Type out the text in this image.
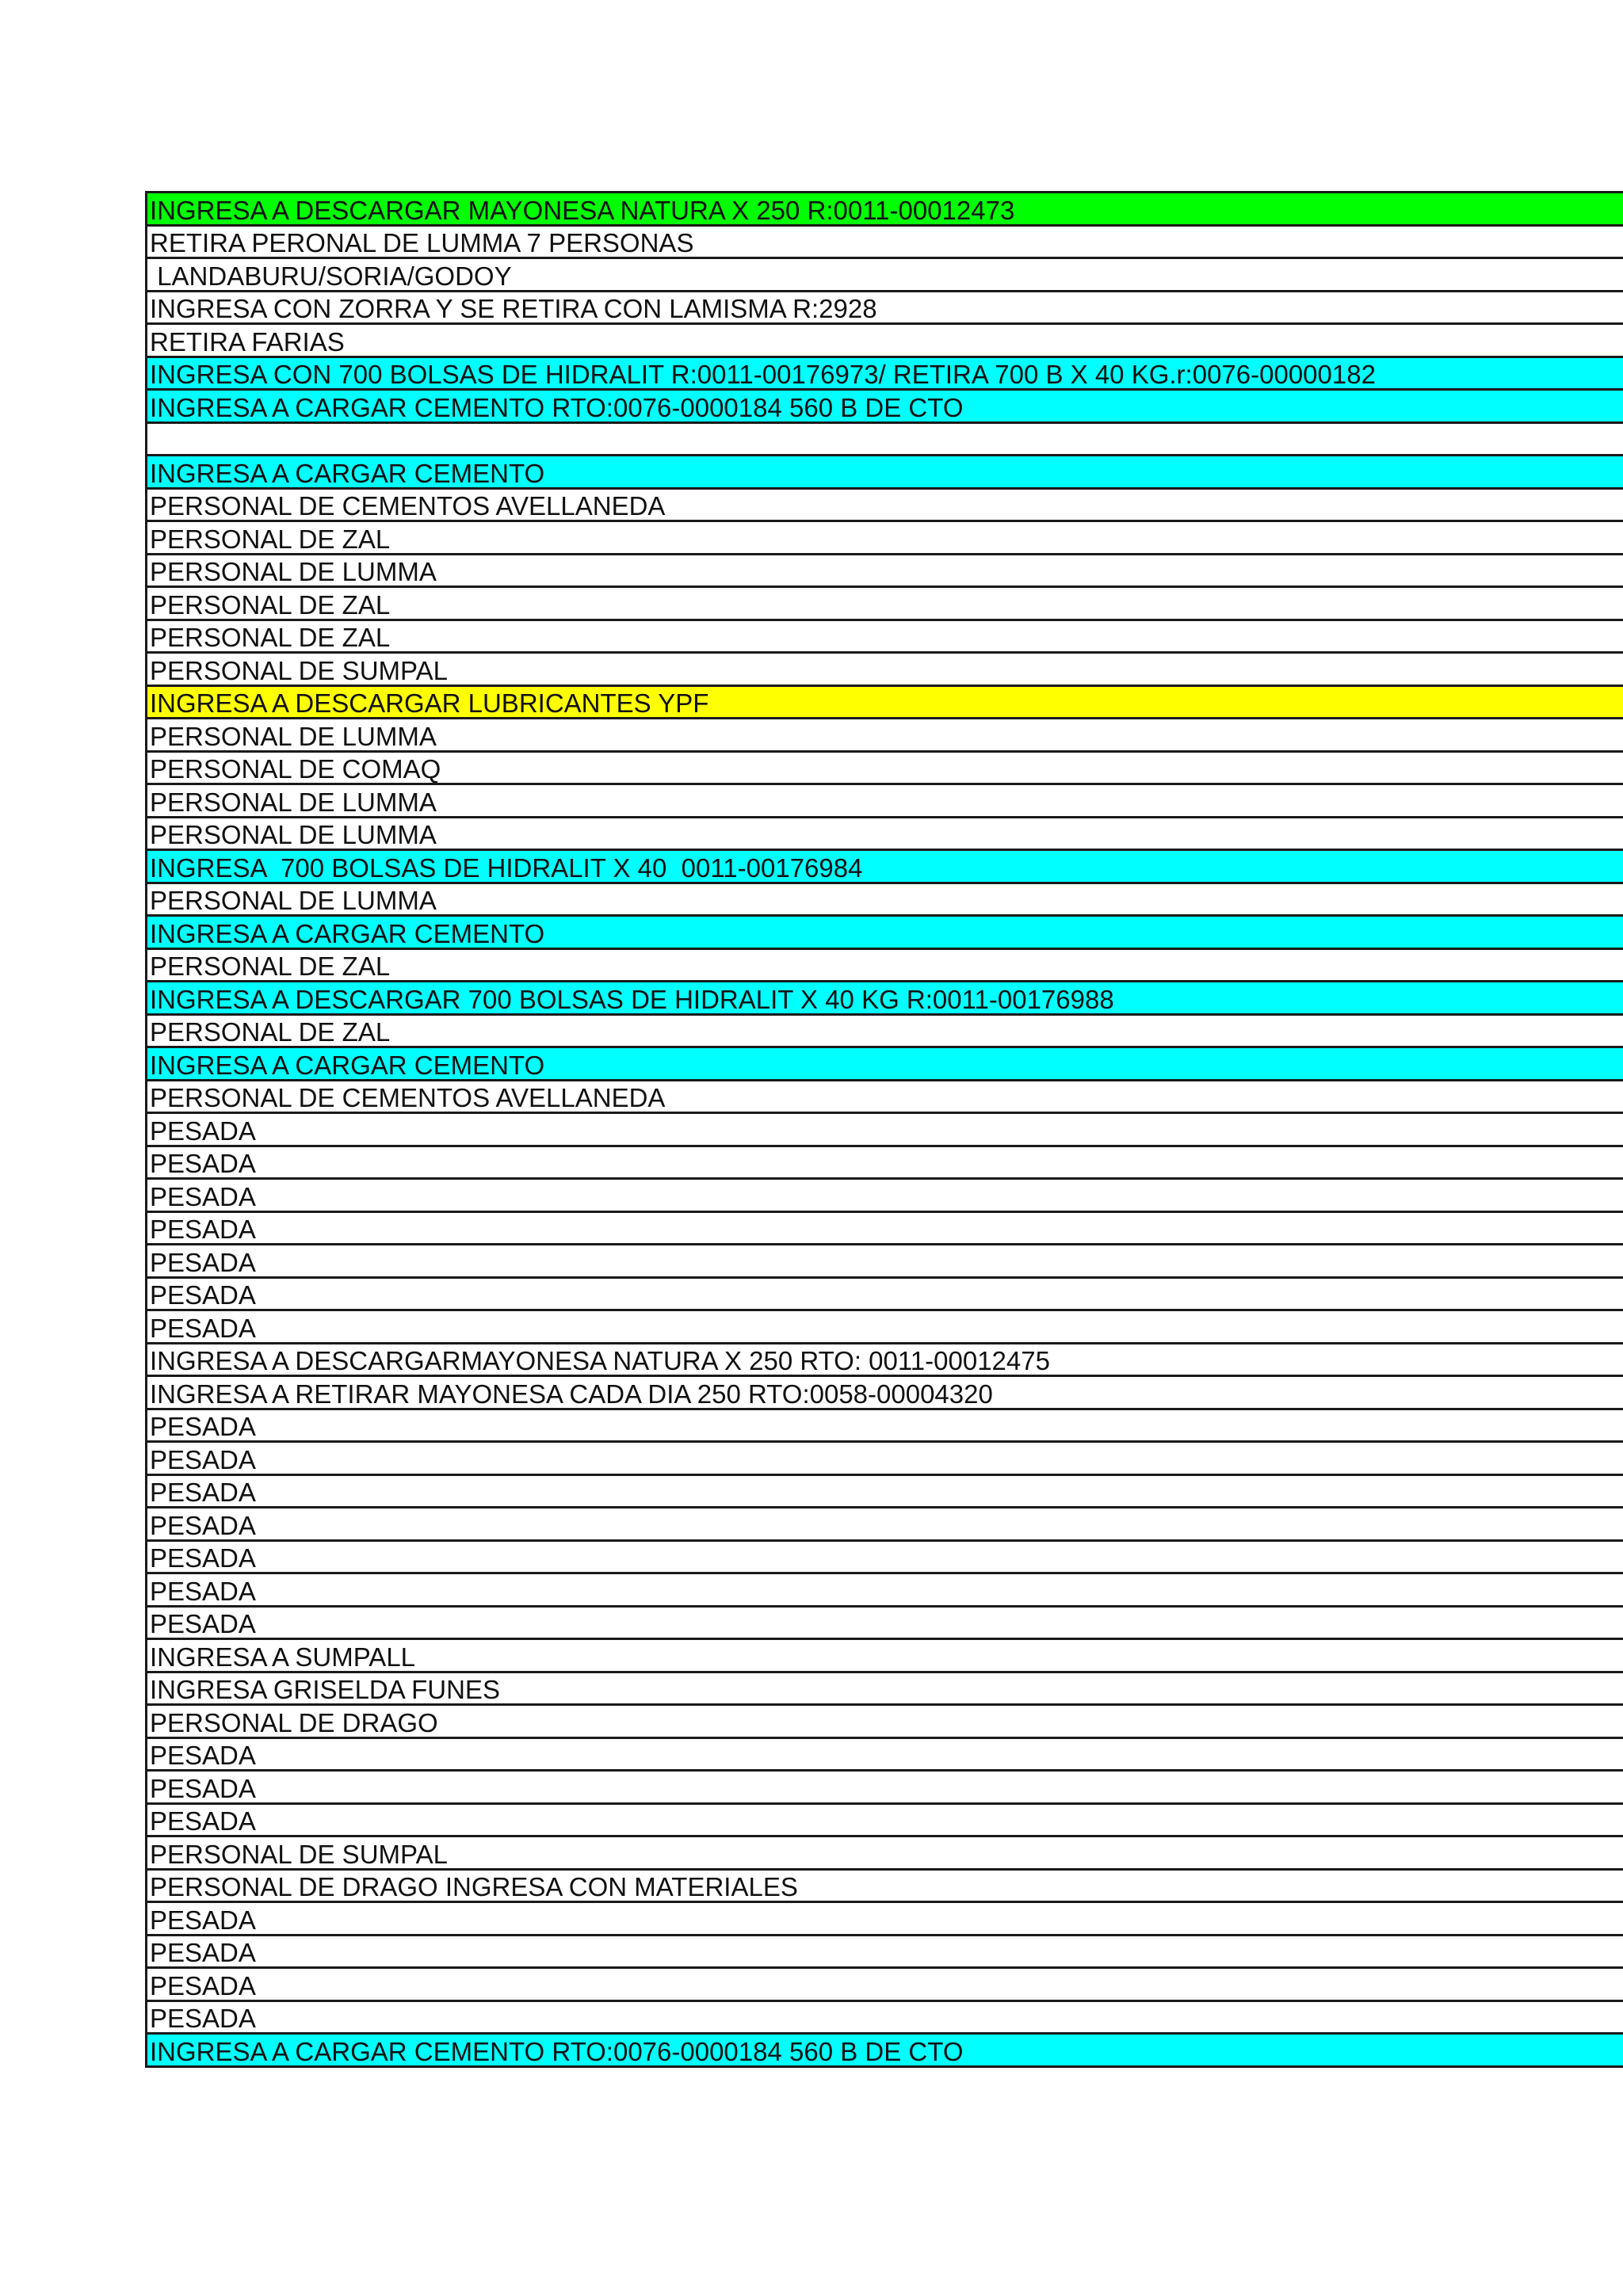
INGRESA A DESCARGAR MAYONESA NATURA X 250 R:0011-00012473
RETIRA PERONAL DE LUMMA 7 PERSONAS
LANDABURU/SORIA/GODOY
INGRESA CON ZORRA Y SE RETIRA CON LAMISMA R:2928
RETIRA FARIAS
INGRESA CON 700 BOLSAS DE HIDRALIT R:0011-00176973/ RETIRA 700 B X 40 KG.r:0076-00000182
INGRESA A CARGAR CEMENTO RTO:0076-0000184 560 B DE CTO
INGRESA A CARGAR CEMENTO
PERSONAL DE CEMENTOS AVELLANEDA
PERSONAL DE ZAL
PERSONAL DE LUMMA
PERSONAL DE ZAL
PERSONAL DE ZAL
PERSONAL DE SUMPAL
INGRESA A DESCARGAR LUBRICANTES YPF
PERSONAL DE LUMMA
PERSONAL DE COMAQ
PERSONAL DE LUMMA
PERSONAL DE LUMMA
INGRESA  700 BOLSAS DE HIDRALIT X 40  0011-00176984
PERSONAL DE LUMMA
INGRESA A CARGAR CEMENTO
PERSONAL DE ZAL
INGRESA A DESCARGAR 700 BOLSAS DE HIDRALIT X 40 KG R:0011-00176988
PERSONAL DE ZAL
INGRESA A CARGAR CEMENTO
PERSONAL DE CEMENTOS AVELLANEDA
PESADA
PESADA
PESADA
PESADA
PESADA
PESADA
PESADA
INGRESA A DESCARGARMAYONESA NATURA X 250 RTO: 0011-00012475
INGRESA A RETIRAR MAYONESA CADA DIA 250 RTO:0058-00004320
PESADA
PESADA
PESADA
PESADA
PESADA
PESADA
PESADA
INGRESA A SUMPALL
INGRESA GRISELDA FUNES
PERSONAL DE DRAGO
PESADA
PESADA
PESADA
PERSONAL DE SUMPAL
PERSONAL DE DRAGO INGRESA CON MATERIALES
PESADA
PESADA
PESADA
PESADA
INGRESA A CARGAR CEMENTO RTO:0076-0000184 560 B DE CTO
